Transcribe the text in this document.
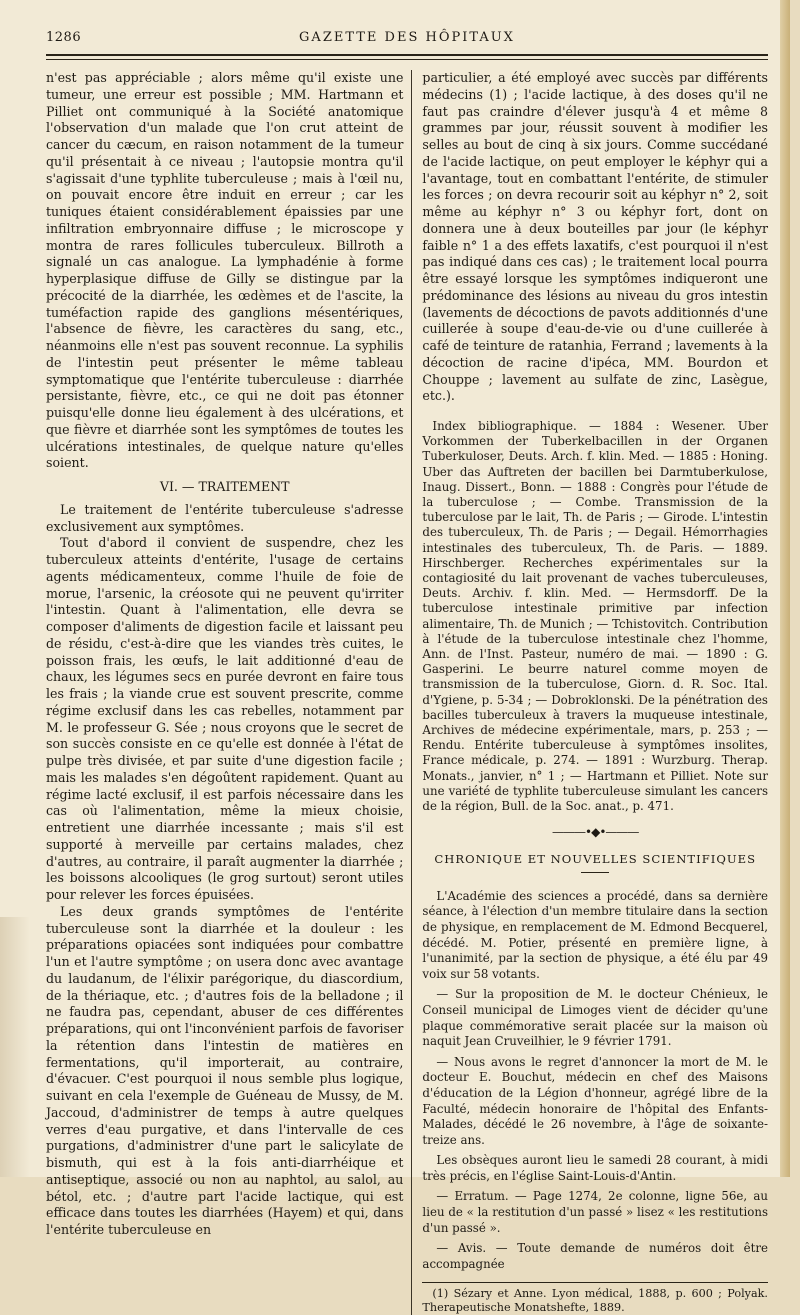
1286	GAZETTE DES HÔPITAUX

n'est pas appréciable ; alors même qu'il existe une tumeur, une erreur est possible ; MM. Hartmann et Pilliet ont communiqué à la Société anatomique l'observation d'un malade que l'on crut atteint de cancer du cæcum, en raison notamment de la tumeur qu'il présentait à ce niveau ; l'autopsie montra qu'il s'agissait d'une typhlite tuberculeuse ; mais à l'œil nu, on pouvait encore être induit en erreur ; car les tuniques étaient considérablement épaissies par une infiltration embryonnaire diffuse ; le microscope y montra de rares follicules tuberculeux. Billroth a signalé un cas analogue. La lymphadénie à forme hyperplasique diffuse de Gilly se distingue par la précocité de la diarrhée, les œdèmes et de l'ascite, la tuméfaction rapide des ganglions mésentériques, l'absence de fièvre, les caractères du sang, etc., néanmoins elle n'est pas souvent reconnue. La syphilis de l'intestin peut présenter le même tableau symptomatique que l'entérite tuberculeuse : diarrhée persistante, fièvre, etc., ce qui ne doit pas étonner puisqu'elle donne lieu également à des ulcérations, et que fièvre et diarrhée sont les symptômes de toutes les ulcérations intestinales, de quelque nature qu'elles soient.

VI. — TRAITEMENT

Le traitement de l'entérite tuberculeuse s'adresse exclusivement aux symptômes.

Tout d'abord il convient de suspendre, chez les tuberculeux atteints d'entérite, l'usage de certains agents médicamenteux, comme l'huile de foie de morue, l'arsenic, la créosote qui ne peuvent qu'irriter l'intestin. Quant à l'alimentation, elle devra se composer d'aliments de digestion facile et laissant peu de résidu, c'est-à-dire que les viandes très cuites, le poisson frais, les œufs, le lait additionné d'eau de chaux, les légumes secs en purée devront en faire tous les frais ; la viande crue est souvent prescrite, comme régime exclusif dans les cas rebelles, notamment par M. le professeur G. Sée ; nous croyons que le secret de son succès consiste en ce qu'elle est donnée à l'état de pulpe très divisée, et par suite d'une digestion facile ; mais les malades s'en dégoûtent rapidement. Quant au régime lacté exclusif, il est parfois nécessaire dans les cas où l'alimentation, même la mieux choisie, entretient une diarrhée incessante ; mais s'il est supporté à merveille par certains malades, chez d'autres, au contraire, il paraît augmenter la diarrhée ; les boissons alcooliques (le grog surtout) seront utiles pour relever les forces épuisées.

Les deux grands symptômes de l'entérite tuberculeuse sont la diarrhée et la douleur : les préparations opiacées sont indiquées pour combattre l'un et l'autre symptôme ; on usera donc avec avantage du laudanum, de l'élixir parégorique, du diascordium, de la thériaque, etc. ; d'autres fois de la belladone ; il ne faudra pas, cependant, abuser de ces différentes préparations, qui ont l'inconvénient parfois de favoriser la rétention dans l'intestin de matières en fermentations, qu'il importerait, au contraire, d'évacuer. C'est pourquoi il nous semble plus logique, suivant en cela l'exemple de Guéneau de Mussy, de M. Jaccoud, d'administrer de temps à autre quelques verres d'eau purgative, et dans l'intervalle de ces purgations, d'administrer d'une part le salicylate de bismuth, qui est à la fois anti-diarrhéique et antiseptique, associé ou non au naphtol, au salol, au bétol, etc. ; d'autre part l'acide lactique, qui est efficace dans toutes les diarrhées (Hayem) et qui, dans l'entérite tuberculeuse en

particulier, a été employé avec succès par différents médecins (1) ; l'acide lactique, à des doses qu'il ne faut pas craindre d'élever jusqu'à 4 et même 8 grammes par jour, réussit souvent à modifier les selles au bout de cinq à six jours. Comme succédané de l'acide lactique, on peut employer le képhyr qui a l'avantage, tout en combattant l'entérite, de stimuler les forces ; on devra recourir soit au képhyr n° 2, soit même au képhyr n° 3 ou képhyr fort, dont on donnera une à deux bouteilles par jour (le képhyr faible n° 1 a des effets laxatifs, c'est pourquoi il n'est pas indiqué dans ces cas) ; le traitement local pourra être essayé lorsque les symptômes indiqueront une prédominance des lésions au niveau du gros intestin (lavements de décoctions de pavots additionnés d'une cuillerée à soupe d'eau-de-vie ou d'une cuillerée à café de teinture de ratanhia, Ferrand ; lavements à la décoction de racine d'ipéca, MM. Bourdon et Chouppe ; lavement au sulfate de zinc, Lasègue, etc.).

Index bibliographique. — 1884 : Wesener. Uber Vorkommen der Tuberkelbacillen in der Organen Tuberkuloser, Deuts. Arch. f. klin. Med. — 1885 : Honing. Uber das Auftreten der bacillen bei Darmtuberkulose, Inaug. Dissert., Bonn. — 1888 : Congrès pour l'étude de la tuberculose ; — Combe. Transmission de la tuberculose par le lait, Th. de Paris ; — Girode. L'intestin des tuberculeux, Th. de Paris ; — Degail. Hémorrhagies intestinales des tuberculeux, Th. de Paris. — 1889. Hirschberger. Recherches expérimentales sur la contagiosité du lait provenant de vaches tuberculeuses, Deuts. Archiv. f. klin. Med. — Hermsdorff. De la tuberculose intestinale primitive par infection alimentaire, Th. de Munich ; — Tchistovitch. Contribution à l'étude de la tuberculose intestinale chez l'homme, Ann. de l'Inst. Pasteur, numéro de mai. — 1890 : G. Gasperini. Le beurre naturel comme moyen de transmission de la tuberculose, Giorn. d. R. Soc. Ital. d'Ygiene, p. 5-34 ; — Dobroklonski. De la pénétration des bacilles tuberculeux à travers la muqueuse intestinale, Archives de médecine expérimentale, mars, p. 253 ; — Rendu. Entérite tuberculeuse à symptômes insolites, France médicale, p. 274. — 1891 : Wurzburg. Therap. Monats., janvier, n° 1 ; — Hartmann et Pilliet. Note sur une variété de typhlite tuberculeuse simulant les cancers de la région, Bull. de la Soc. anat., p. 471.

———•◆•———
CHRONIQUE ET NOUVELLES SCIENTIFIQUES

L'Académie des sciences a procédé, dans sa dernière séance, à l'élection d'un membre titulaire dans la section de physique, en remplacement de M. Edmond Becquerel, décédé. M. Potier, présenté en première ligne, à l'unanimité, par la section de physique, a été élu par 49 voix sur 58 votants.

— Sur la proposition de M. le docteur Chénieux, le Conseil municipal de Limoges vient de décider qu'une plaque commémorative serait placée sur la maison où naquit Jean Cruveilhier, le 9 février 1791.

— Nous avons le regret d'annoncer la mort de M. le docteur E. Bouchut, médecin en chef des Maisons d'éducation de la Légion d'honneur, agrégé libre de la Faculté, médecin honoraire de l'hôpital des Enfants-Malades, décédé le 26 novembre, à l'âge de soixante-treize ans.

Les obsèques auront lieu le samedi 28 courant, à midi très précis, en l'église Saint-Louis-d'Antin.

— Erratum. — Page 1274, 2e colonne, ligne 56e, au lieu de « la restitution d'un passé » lisez « les restitutions d'un passé ».

— Avis. — Toute demande de numéros doit être accompagnée

(1) Sézary et Anne. Lyon médical, 1888, p. 600 ; Polyak. Therapeutische Monatshefte, 1889.
